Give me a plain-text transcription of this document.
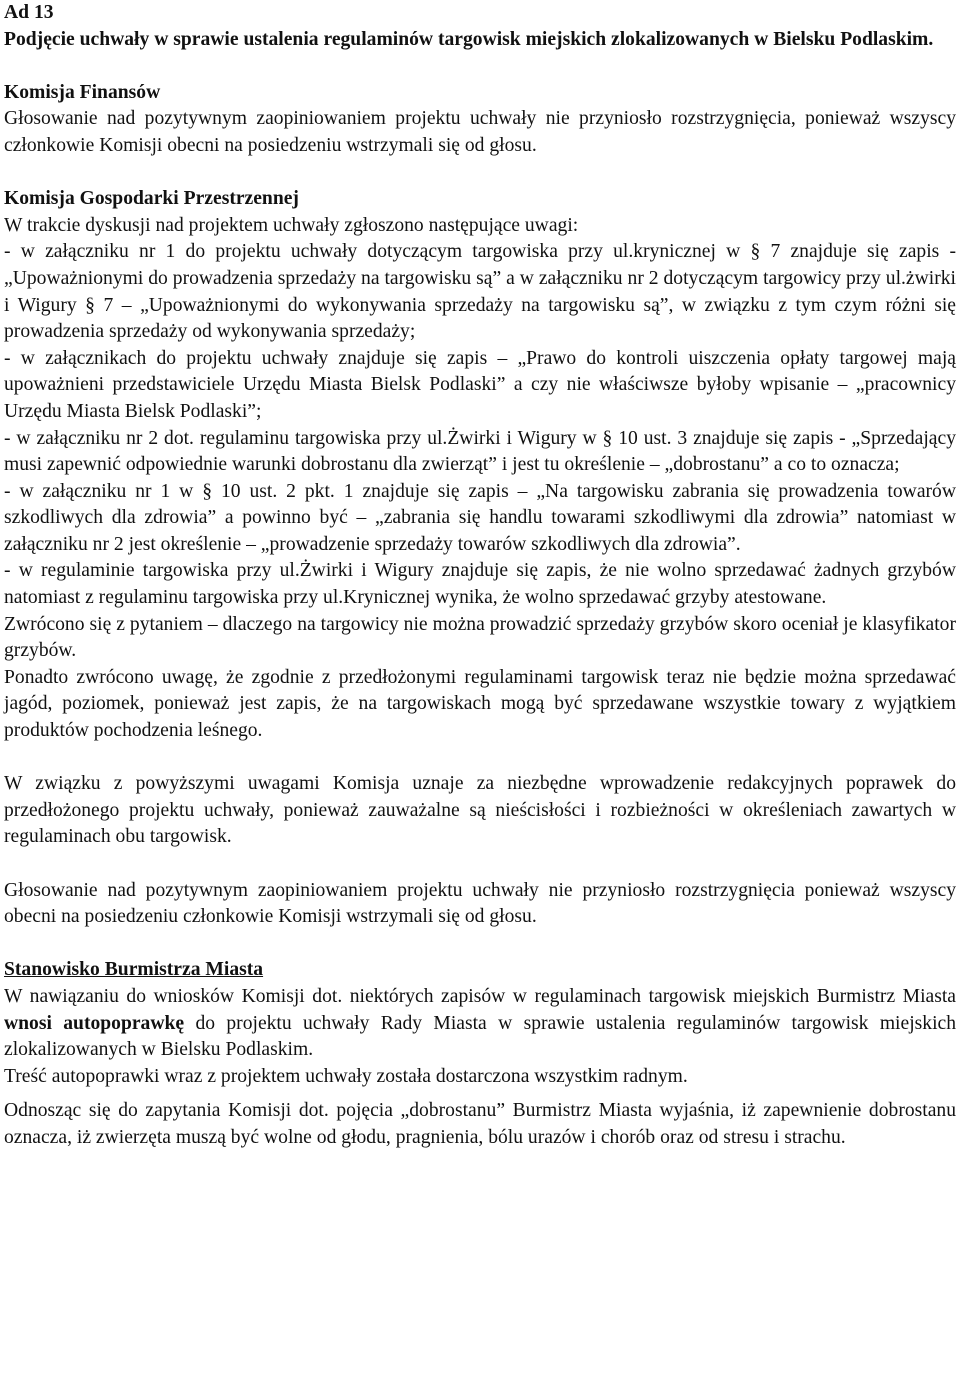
Ad 13

Podjęcie uchwały w sprawie ustalenia regulaminów targowisk miejskich zlokalizowanych w Bielsku Podlaskim.

Komisja Finansów

Głosowanie nad pozytywnym zaopiniowaniem projektu uchwały nie przyniosło rozstrzygnięcia, ponieważ wszyscy członkowie Komisji obecni na posiedzeniu wstrzymali się od głosu.

Komisja Gospodarki Przestrzennej

W trakcie dyskusji nad projektem uchwały zgłoszono następujące uwagi:

- w załączniku nr 1 do projektu uchwały dotyczącym targowiska przy ul.krynicznej w § 7 znajduje się zapis - „Upoważnionymi do prowadzenia sprzedaży na targowisku są” a w załączniku nr 2 dotyczącym targowicy przy ul.żwirki i Wigury § 7 – „Upoważnionymi do wykonywania sprzedaży na targowisku są”, w związku z tym czym różni się prowadzenia sprzedaży od wykonywania sprzedaży;

- w załącznikach do projektu uchwały znajduje się zapis – „Prawo do kontroli uiszczenia opłaty targowej mają upoważnieni przedstawiciele Urzędu Miasta Bielsk Podlaski” a czy nie właściwsze byłoby wpisanie – „pracownicy Urzędu Miasta Bielsk Podlaski”;

- w załączniku nr 2 dot. regulaminu targowiska przy ul.Żwirki i Wigury w § 10 ust. 3 znajduje się zapis - „Sprzedający musi zapewnić odpowiednie warunki dobrostanu dla zwierząt” i jest tu określenie – „dobrostanu” a co to oznacza;

- w załączniku nr 1 w § 10 ust. 2 pkt. 1 znajduje się zapis – „Na targowisku zabrania się prowadzenia towarów szkodliwych dla zdrowia” a powinno być – „zabrania się handlu towarami szkodliwymi dla zdrowia” natomiast w załączniku nr 2 jest określenie – „prowadzenie sprzedaży towarów szkodliwych dla zdrowia”.

- w regulaminie targowiska przy ul.Żwirki i Wigury znajduje się zapis, że nie wolno sprzedawać żadnych grzybów natomiast z regulaminu targowiska przy ul.Krynicznej wynika, że wolno sprzedawać grzyby atestowane.

Zwrócono się z pytaniem – dlaczego na targowicy nie można prowadzić sprzedaży grzybów skoro oceniał je klasyfikator grzybów.

Ponadto zwrócono uwagę, że zgodnie z przedłożonymi regulaminami targowisk teraz nie będzie można sprzedawać jagód, poziomek, ponieważ jest zapis, że na targowiskach mogą być sprzedawane wszystkie towary z wyjątkiem produktów pochodzenia leśnego.

W związku z powyższymi uwagami Komisja uznaje za niezbędne wprowadzenie redakcyjnych poprawek do przedłożonego projektu uchwały, ponieważ zauważalne są nieścisłości i rozbieżności w określeniach zawartych w regulaminach obu targowisk.

Głosowanie nad pozytywnym zaopiniowaniem projektu uchwały nie przyniosło rozstrzygnięcia ponieważ wszyscy obecni na posiedzeniu członkowie Komisji wstrzymali się od głosu.

Stanowisko Burmistrza Miasta

W nawiązaniu do wniosków Komisji dot. niektórych zapisów w regulaminach targowisk miejskich Burmistrz Miasta wnosi autopoprawkę do projektu uchwały Rady Miasta w sprawie ustalenia regulaminów targowisk miejskich zlokalizowanych w Bielsku Podlaskim.

Treść autopoprawki wraz z projektem uchwały została dostarczona wszystkim radnym.

Odnosząc się do zapytania Komisji dot. pojęcia „dobrostanu” Burmistrz Miasta wyjaśnia, iż zapewnienie dobrostanu oznacza, iż zwierzęta muszą być wolne od głodu, pragnienia, bólu urazów i chorób oraz od stresu i strachu.
